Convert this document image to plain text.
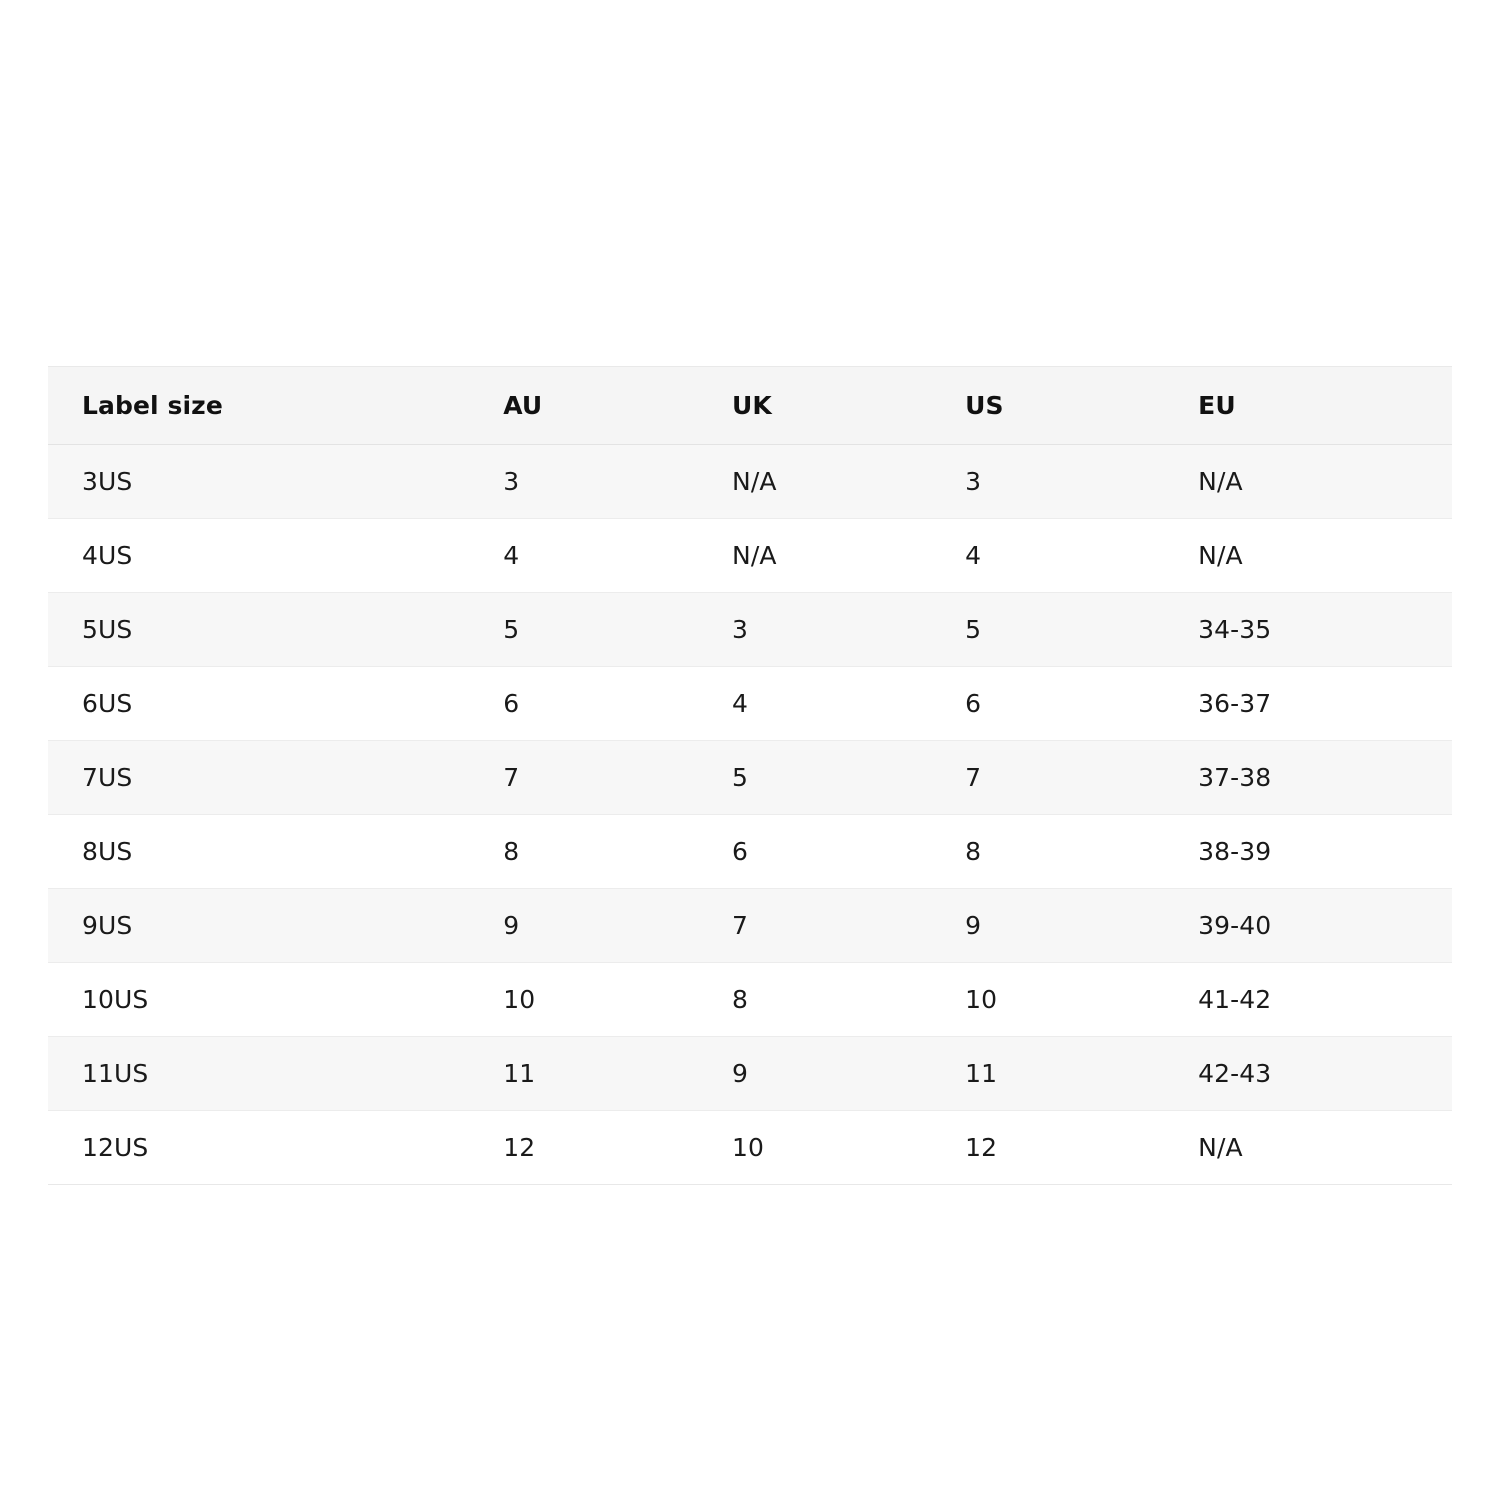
Label size	AU	UK	US	EU
3US	3	N/A	3	N/A
4US	4	N/A	4	N/A
5US	5	3	5	34-35
6US	6	4	6	36-37
7US	7	5	7	37-38
8US	8	6	8	38-39
9US	9	7	9	39-40
10US	10	8	10	41-42
11US	11	9	11	42-43
12US	12	10	12	N/A
